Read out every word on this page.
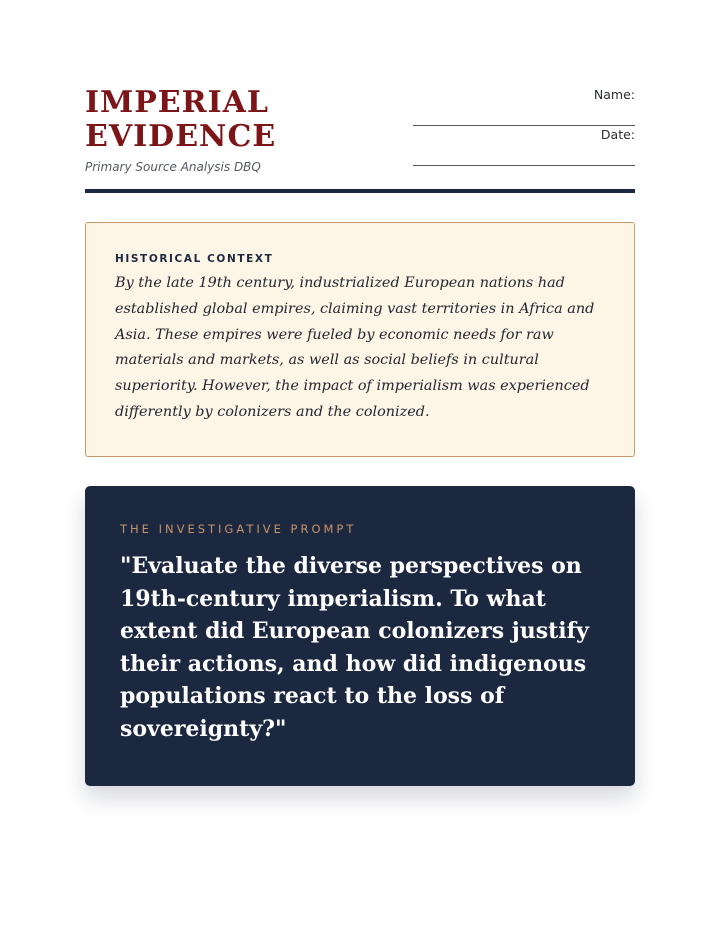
IMPERIAL
EVIDENCE
Primary Source Analysis DBQ
Name:
Date:
HISTORICAL CONTEXT

By the late 19th century, industrialized European nations had established global empires, claiming vast territories in Africa and Asia. These empires were fueled by economic needs for raw materials and markets, as well as social beliefs in cultural superiority. However, the impact of imperialism was experienced differently by colonizers and the colonized.

THE INVESTIGATIVE PROMPT

"Evaluate the diverse perspectives on 19th-century imperialism. To what extent did European colonizers justify their actions, and how did indigenous populations react to the loss of sovereignty?"
